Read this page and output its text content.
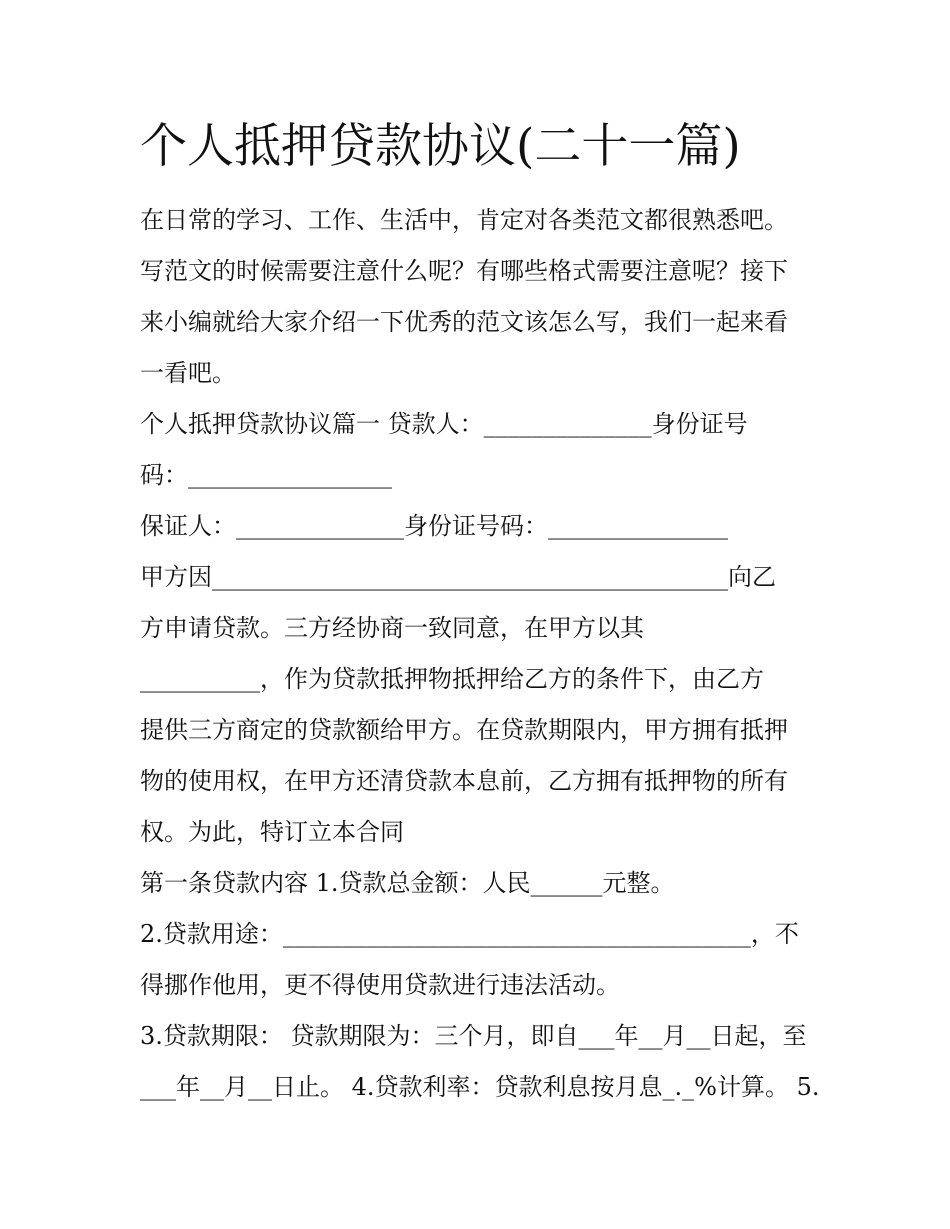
个人抵押贷款协议(二十一篇)

在日常的学习、工作、生活中，肯定对各类范文都很熟悉吧。

写范文的时候需要注意什么呢？有哪些格式需要注意呢？接下

来小编就给大家介绍一下优秀的范文该怎么写，我们一起来看

一看吧。

个人抵押贷款协议篇一 贷款人：______________身份证号

码：_________________

保证人：______________身份证号码：_______________

甲方因___________________________________________向乙

方申请贷款。三方经协商一致同意，在甲方以其

__________，作为贷款抵押物抵押给乙方的条件下，由乙方

提供三方商定的贷款额给甲方。在贷款期限内，甲方拥有抵押

物的使用权，在甲方还清贷款本息前，乙方拥有抵押物的所有

权。为此，特订立本合同

第一条贷款内容 1.贷款总金额：人民______元整。

2.贷款用途：_______________________________________，不

得挪作他用，更不得使用贷款进行违法活动。

3.贷款期限： 贷款期限为：三个月，即自___年__月__日起，至

___年__月__日止。 4.贷款利率：贷款利息按月息_._%计算。 5.
